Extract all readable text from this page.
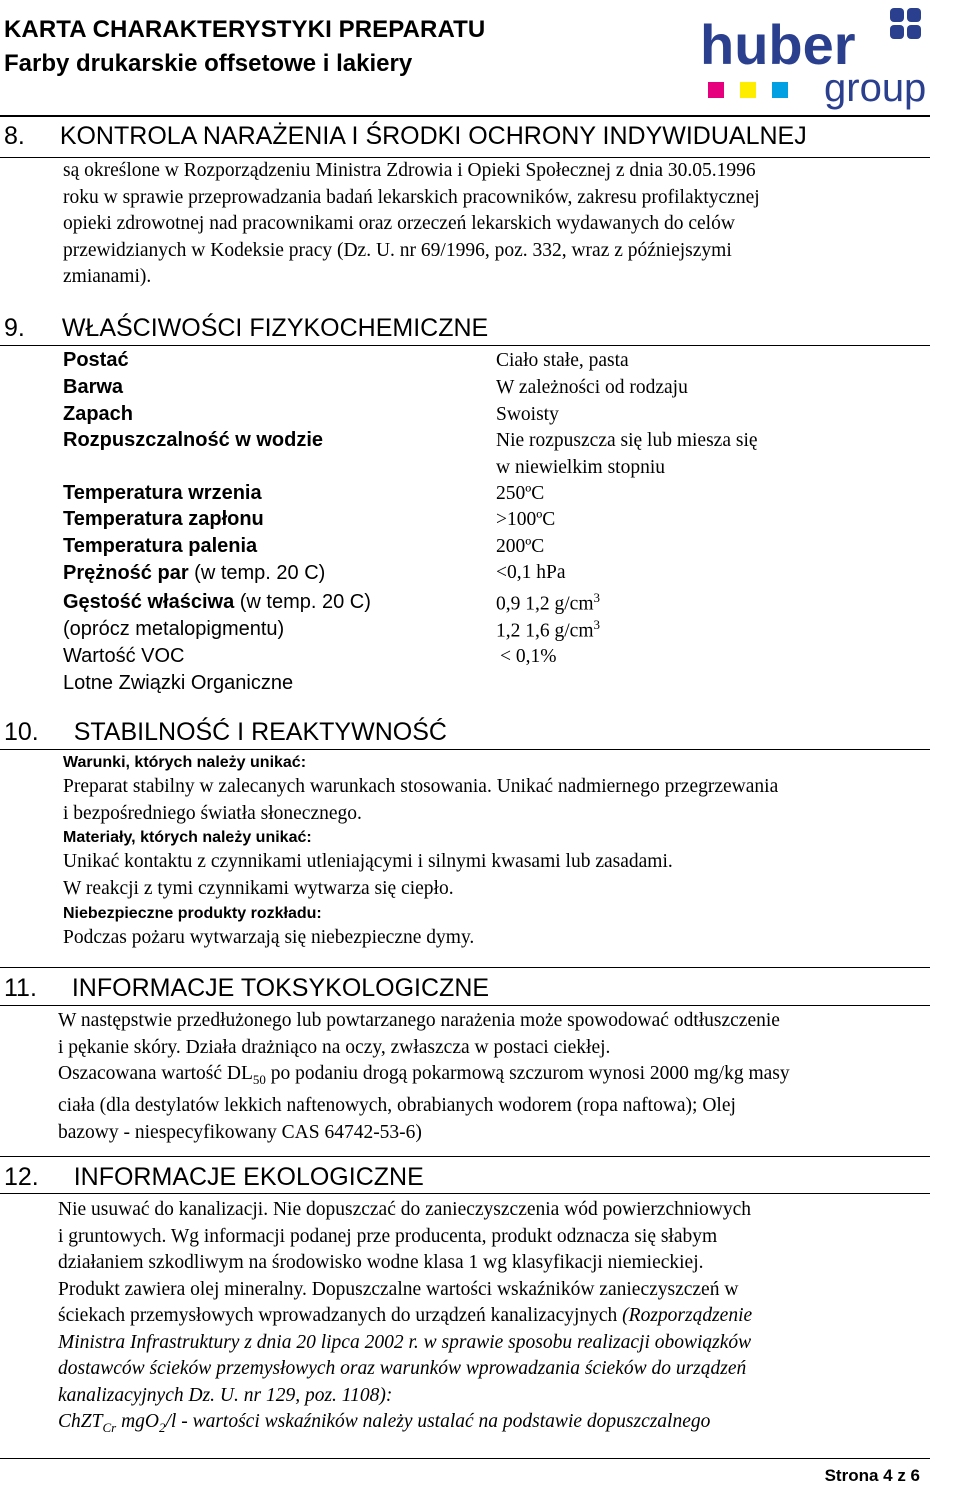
KARTA CHARAKTERYSTYKI PREPARATU
Farby drukarskie offsetowe i lakiery	huber
group
8. KONTROLA NARAŻENIA I ŚRODKI OCHRONY INDYWIDUALNEJ

są określone w Rozporządzeniu Ministra Zdrowia i Opieki Społecznej z dnia 30.05.1996

roku w sprawie przeprowadzania badań lekarskich pracowników, zakresu profilaktycznej

opieki zdrowotnej nad pracownikami oraz orzeczeń lekarskich wydawanych do celów

przewidzianych w Kodeksie pracy (Dz. U. nr 69/1996, poz. 332, wraz z późniejszymi

zmianami).

9. WŁAŚCIWOŚCI FIZYKOCHEMICZNE
Postać	Ciało stałe, pasta
Barwa	W zależności od rodzaju
Zapach	Swoisty
Rozpuszczalność w wodzie	Nie rozpuszcza się lub miesza się
w niewielkim stopniu
Temperatura wrzenia	250ºC
Temperatura zapłonu	>100ºC
Temperatura palenia	200ºC
Prężność par (w temp. 20 C)	<0,1 hPa
Gęstość właściwa (w temp. 20 C)	0,9 1,2 $g/cm^3$
(oprócz metalopigmentu)	1,2 1,6 $g/cm^3$
Wartość VOC	< 0,1%
Lotne Związki Organiczne
10. STABILNOŚĆ I REAKTYWNOŚĆ
Warunki, których należy unikać:

Preparat stabilny w zalecanych warunkach stosowania. Unikać nadmiernego przegrzewania

i bezpośredniego światła słonecznego.

Materiały, których należy unikać:

Unikać kontaktu z czynnikami utleniającymi i silnymi kwasami lub zasadami.

W reakcji z tymi czynnikami wytwarza się ciepło.

Niebezpieczne produkty rozkładu:

Podczas pożaru wytwarzają się niebezpieczne dymy.

11. INFORMACJE TOKSYKOLOGICZNE

W następstwie przedłużonego lub powtarzanego narażenia może spowodować odtłuszczenie

i pękanie skóry. Działa drażniąco na oczy, zwłaszcza w postaci ciekłej.

Oszacowana wartość $DL_{50}$ po podaniu drogą pokarmową szczurom wynosi 2000 mg/kg masy

ciała (dla destylatów lekkich naftenowych, obrabianych wodorem (ropa naftowa); Olej

bazowy - niespecyfikowany CAS 64742-53-6)

12. INFORMACJE EKOLOGICZNE

Nie usuwać do kanalizacji. Nie dopuszczać do zanieczyszczenia wód powierzchniowych

i gruntowych. Wg informacji podanej prze producenta, produkt odznacza się słabym

działaniem szkodliwym na środowisko wodne klasa 1 wg klasyfikacji niemieckiej.

Produkt zawiera olej mineralny. Dopuszczalne wartości wskaźników zanieczyszczeń w

ściekach przemysłowych wprowadzanych do urządzeń kanalizacyjnych (Rozporządzenie

Ministra Infrastruktury z dnia 20 lipca 2002 r. w sprawie sposobu realizacji obowiązków

dostawców ścieków przemysłowych oraz warunków wprowadzania ścieków do urządzeń

kanalizacyjnych Dz. U. nr 129, poz. 1108):

ChZT$_{Cr}$ mgO$_2$/l - wartości wskaźników należy ustalać na podstawie dopuszczalnego

Strona 4 z 6
